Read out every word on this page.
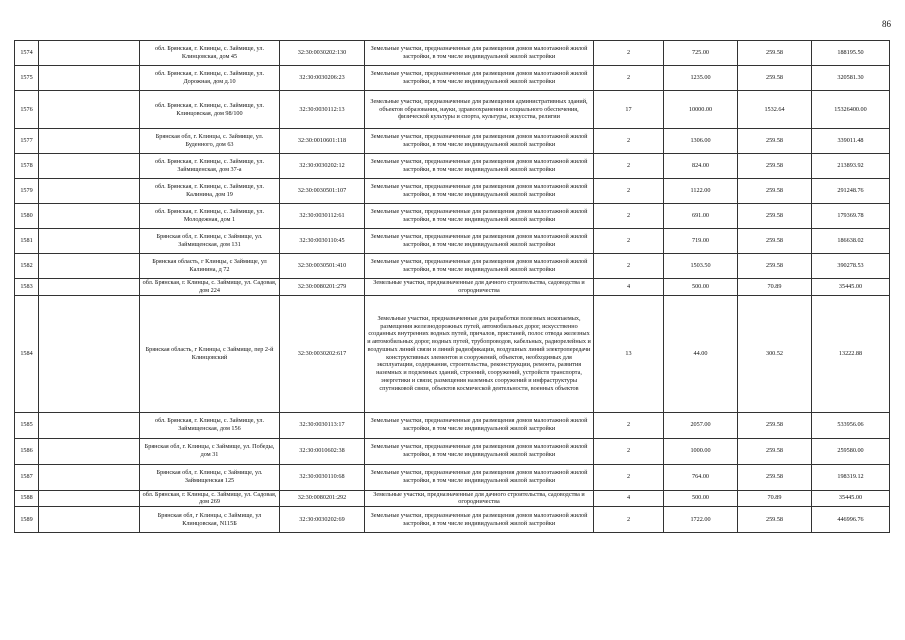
86
1574		обл. Брянская, г. Клинцы, с. Займище, ул. Клинцовская, дом 45	32:30:0030202:130	Земельные участки, предназначенные для размещения домов малоэтажной жилой застройки, в том числе индивидуальной жилой застройки	2	725.00	259.58	188195.50
1575		обл. Брянская, г. Клинцы, с. Займище, ул. Дорожная, дом д.10	32:30:0030206:23	Земельные участки, предназначенные для размещения домов малоэтажной жилой застройки, в том числе индивидуальной жилой застройки	2	1235.00	259.58	320581.30
1576		обл. Брянская, г. Клинцы, с. Займище, ул. Клинцовская, дом 98/100	32:30:0030112:13	Земельные участки, предназначенные для размещения административных зданий, объектов образования, науки, здравоохранения и социального обеспечения, физической культуры и спорта, культуры, искусства, религии	17	10000.00	1532.64	15326400.00
1577		Брянская обл, г. Клинцы, с. Займище, ул. Буденного, дом 63	32:30:0010601:118	Земельные участки, предназначенные для размещения домов малоэтажной жилой застройки, в том числе индивидуальной жилой застройки	2	1306.00	259.58	339011.48
1578		обл. Брянская, г. Клинцы, с. Займище, ул. Займищенская, дом 37-а	32:30:0030202:12	Земельные участки, предназначенные для размещения домов малоэтажной жилой застройки, в том числе индивидуальной жилой застройки	2	824.00	259.58	213893.92
1579		обл. Брянская, г. Клинцы, с. Займище, ул. Калинина, дом 19	32:30:0030501:107	Земельные участки, предназначенные для размещения домов малоэтажной жилой застройки, в том числе индивидуальной жилой застройки	2	1122.00	259.58	291248.76
1580		обл. Брянская, г. Клинцы, с. Займище, ул. Молодежная, дом 1	32:30:0030112:61	Земельные участки, предназначенные для размещения домов малоэтажной жилой застройки, в том числе индивидуальной жилой застройки	2	691.00	259.58	179369.78
1581		Брянская обл, г. Клинцы, с Займище, ул. Займищенская, дом 131	32:30:0030110:45	Земельные участки, предназначенные для размещения домов малоэтажной жилой застройки, в том числе индивидуальной жилой застройки	2	719.00	259.58	186638.02
1582		Брянская область, г Клинцы, с Займище, ул Калинина, д 72	32:30:0030501:410	Земельные участки, предназначенные для размещения домов малоэтажной жилой застройки, в том числе индивидуальной жилой застройки	2	1503.50	259.58	390278.53
1583		обл. Брянская, г. Клинцы, с. Займище, ул. Садовая, дом 224	32:30:0080201:279	Земельные участки, предназначенные для дачного строительства, садоводства и огородничества	4	500.00	70.89	35445.00
1584		Брянская область, г Клинцы, с Займище, пер 2-й Клинцовский	32:30:0030202:617	Земельные участки, предназначенные для разработки полезных ископаемых, размещения железнодорожных путей, автомобильных дорог, искусственно созданных внутренних водных путей, причалов, пристаней, полос отвода железных и автомобильных дорог, водных путей, трубопроводов, кабельных, радиорелейных и воздушных линий связи и линий радиофикации, воздушных линий электропередачи конструктивных элементов и сооружений, объектов, необходимых для эксплуатации, содержания, строительства, реконструкции, ремонта, развития наземных и подземных зданий, строений, сооружений, устройств транспорта, энергетики и связи; размещения наземных сооружений и инфраструктуры спутниковой связи, объектов космической деятельности, военных объектов	13	44.00	300.52	13222.88
1585		обл. Брянская, г. Клинцы, с. Займище, ул. Займищенская, дом 156	32:30:0030113:17	Земельные участки, предназначенные для размещения домов малоэтажной жилой застройки, в том числе индивидуальной жилой застройки	2	2057.00	259.58	533956.06
1586		Брянская обл, г. Клинцы, с Займище, ул. Победы, дом 31	32:30:0010602:38	Земельные участки, предназначенные для размещения домов малоэтажной жилой застройки, в том числе индивидуальной жилой застройки	2	1000.00	259.58	259580.00
1587		Брянская обл, г. Клинцы, с Займище, ул. Займищенская 125	32:30:0030110:68	Земельные участки, предназначенные для размещения домов малоэтажной жилой застройки, в том числе индивидуальной жилой застройки	2	764.00	259.58	198319.12
1588		обл. Брянская, г. Клинцы, с. Займище, ул. Садовая, дом 269	32:30:0080201:292	Земельные участки, предназначенные для дачного строительства, садоводства и огородничества	4	500.00	70.89	35445.00
1589		Брянская обл, г Клинцы, с Займище, ул Клинцовская, N115Б	32:30:0030202:69	Земельные участки, предназначенные для размещения домов малоэтажной жилой застройки, в том числе индивидуальной жилой застройки	2	1722.00	259.58	446996.76
